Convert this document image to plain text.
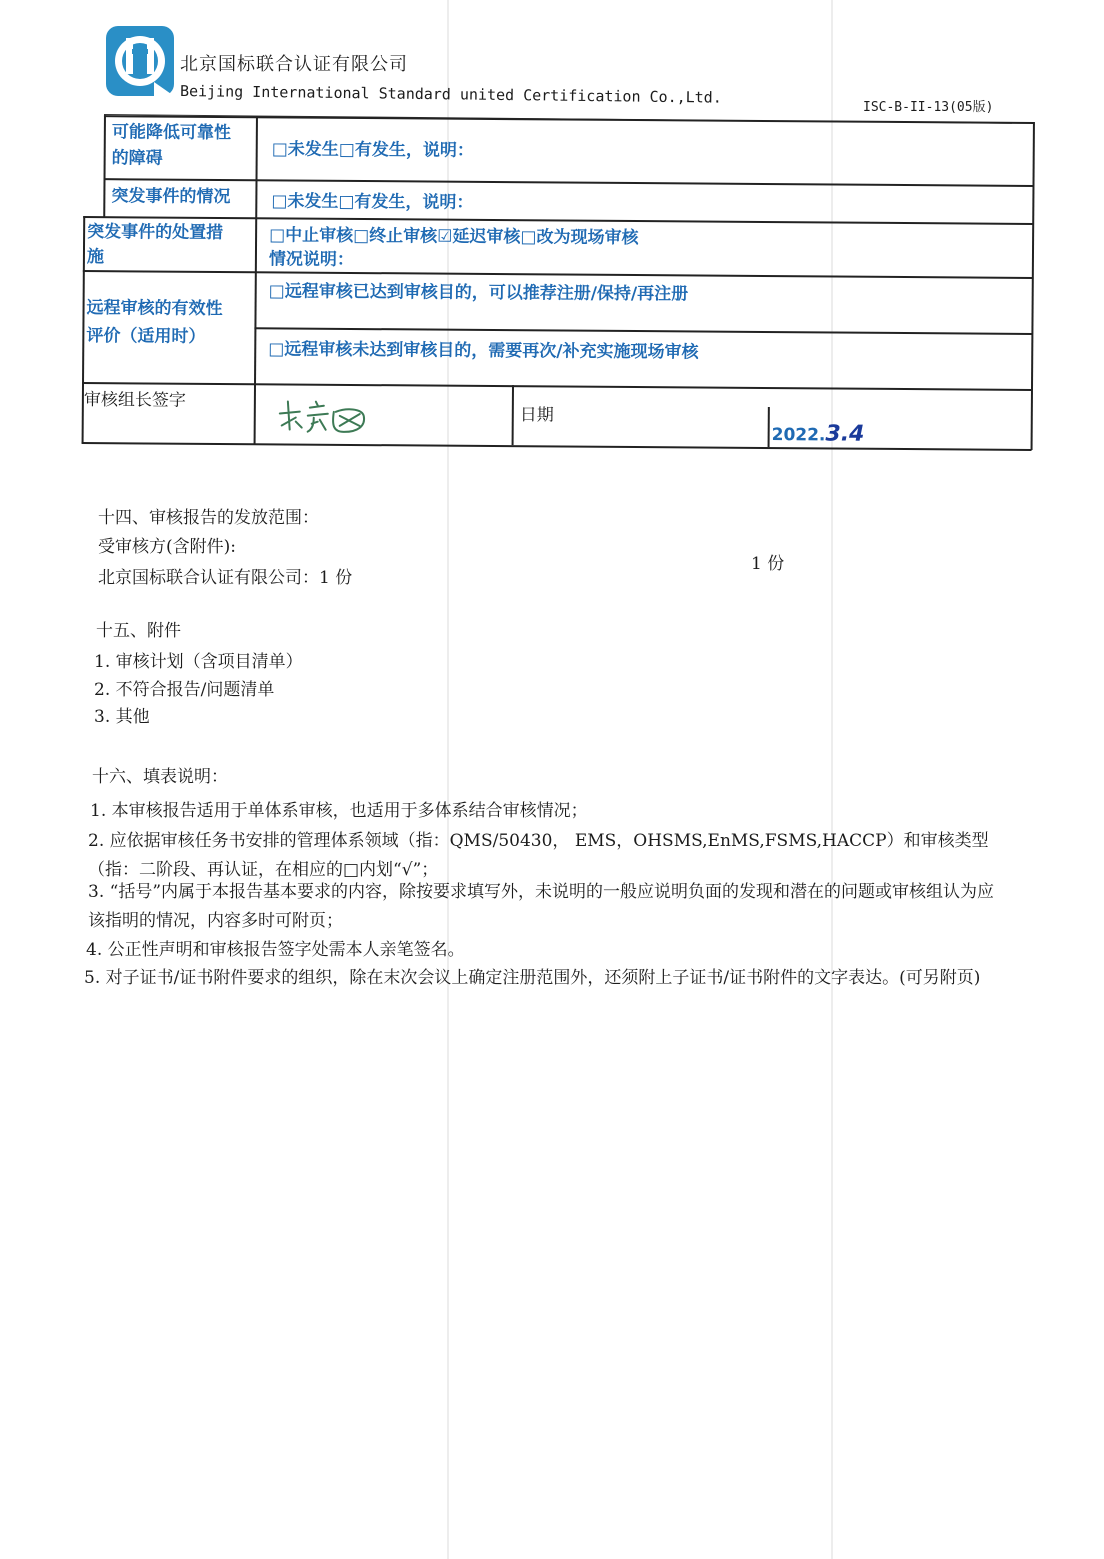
北京国标联合认证有限公司
Beijing International Standard united Certification Co.,Ltd.
ISC-B-II-13(05版)
可能降低可靠性
的障碍	□未发生□有发生，说明：
突发事件的情况 □未发生□有发生，说明：
突发事件的处置措
施
□中止审核□终止审核☑延迟审核□改为现场审核
情况说明：
远程审核的有效性
评价（适用时）
□远程审核已达到审核目的，可以推荐注册/保持/再注册
□远程审核未达到审核目的，需要再次/补充实施现场审核
审核组长签字
日期
2022.3.4
十四、审核报告的发放范围：
受审核方(含附件):
1 份
北京国标联合认证有限公司：1 份
十五、附件
1. 审核计划（含项目清单）
2. 不符合报告/问题清单
3. 其他
十六、填表说明：
1. 本审核报告适用于单体系审核，也适用于多体系结合审核情况；
2. 应依据审核任务书安排的管理体系领域（指：QMS/50430， EMS，OHSMS,EnMS,FSMS,HACCP）和审核类型（指：二阶段、再认证，在相应的□内划“√”；
3. “括号”内属于本报告基本要求的内容，除按要求填写外，未说明的一般应说明负面的发现和潜在的问题或审核组认为应该指明的情况，内容多时可附页；
4. 公正性声明和审核报告签字处需本人亲笔签名。
5. 对子证书/证书附件要求的组织，除在末次会议上确定注册范围外，还须附上子证书/证书附件的文字表达。(可另附页)
